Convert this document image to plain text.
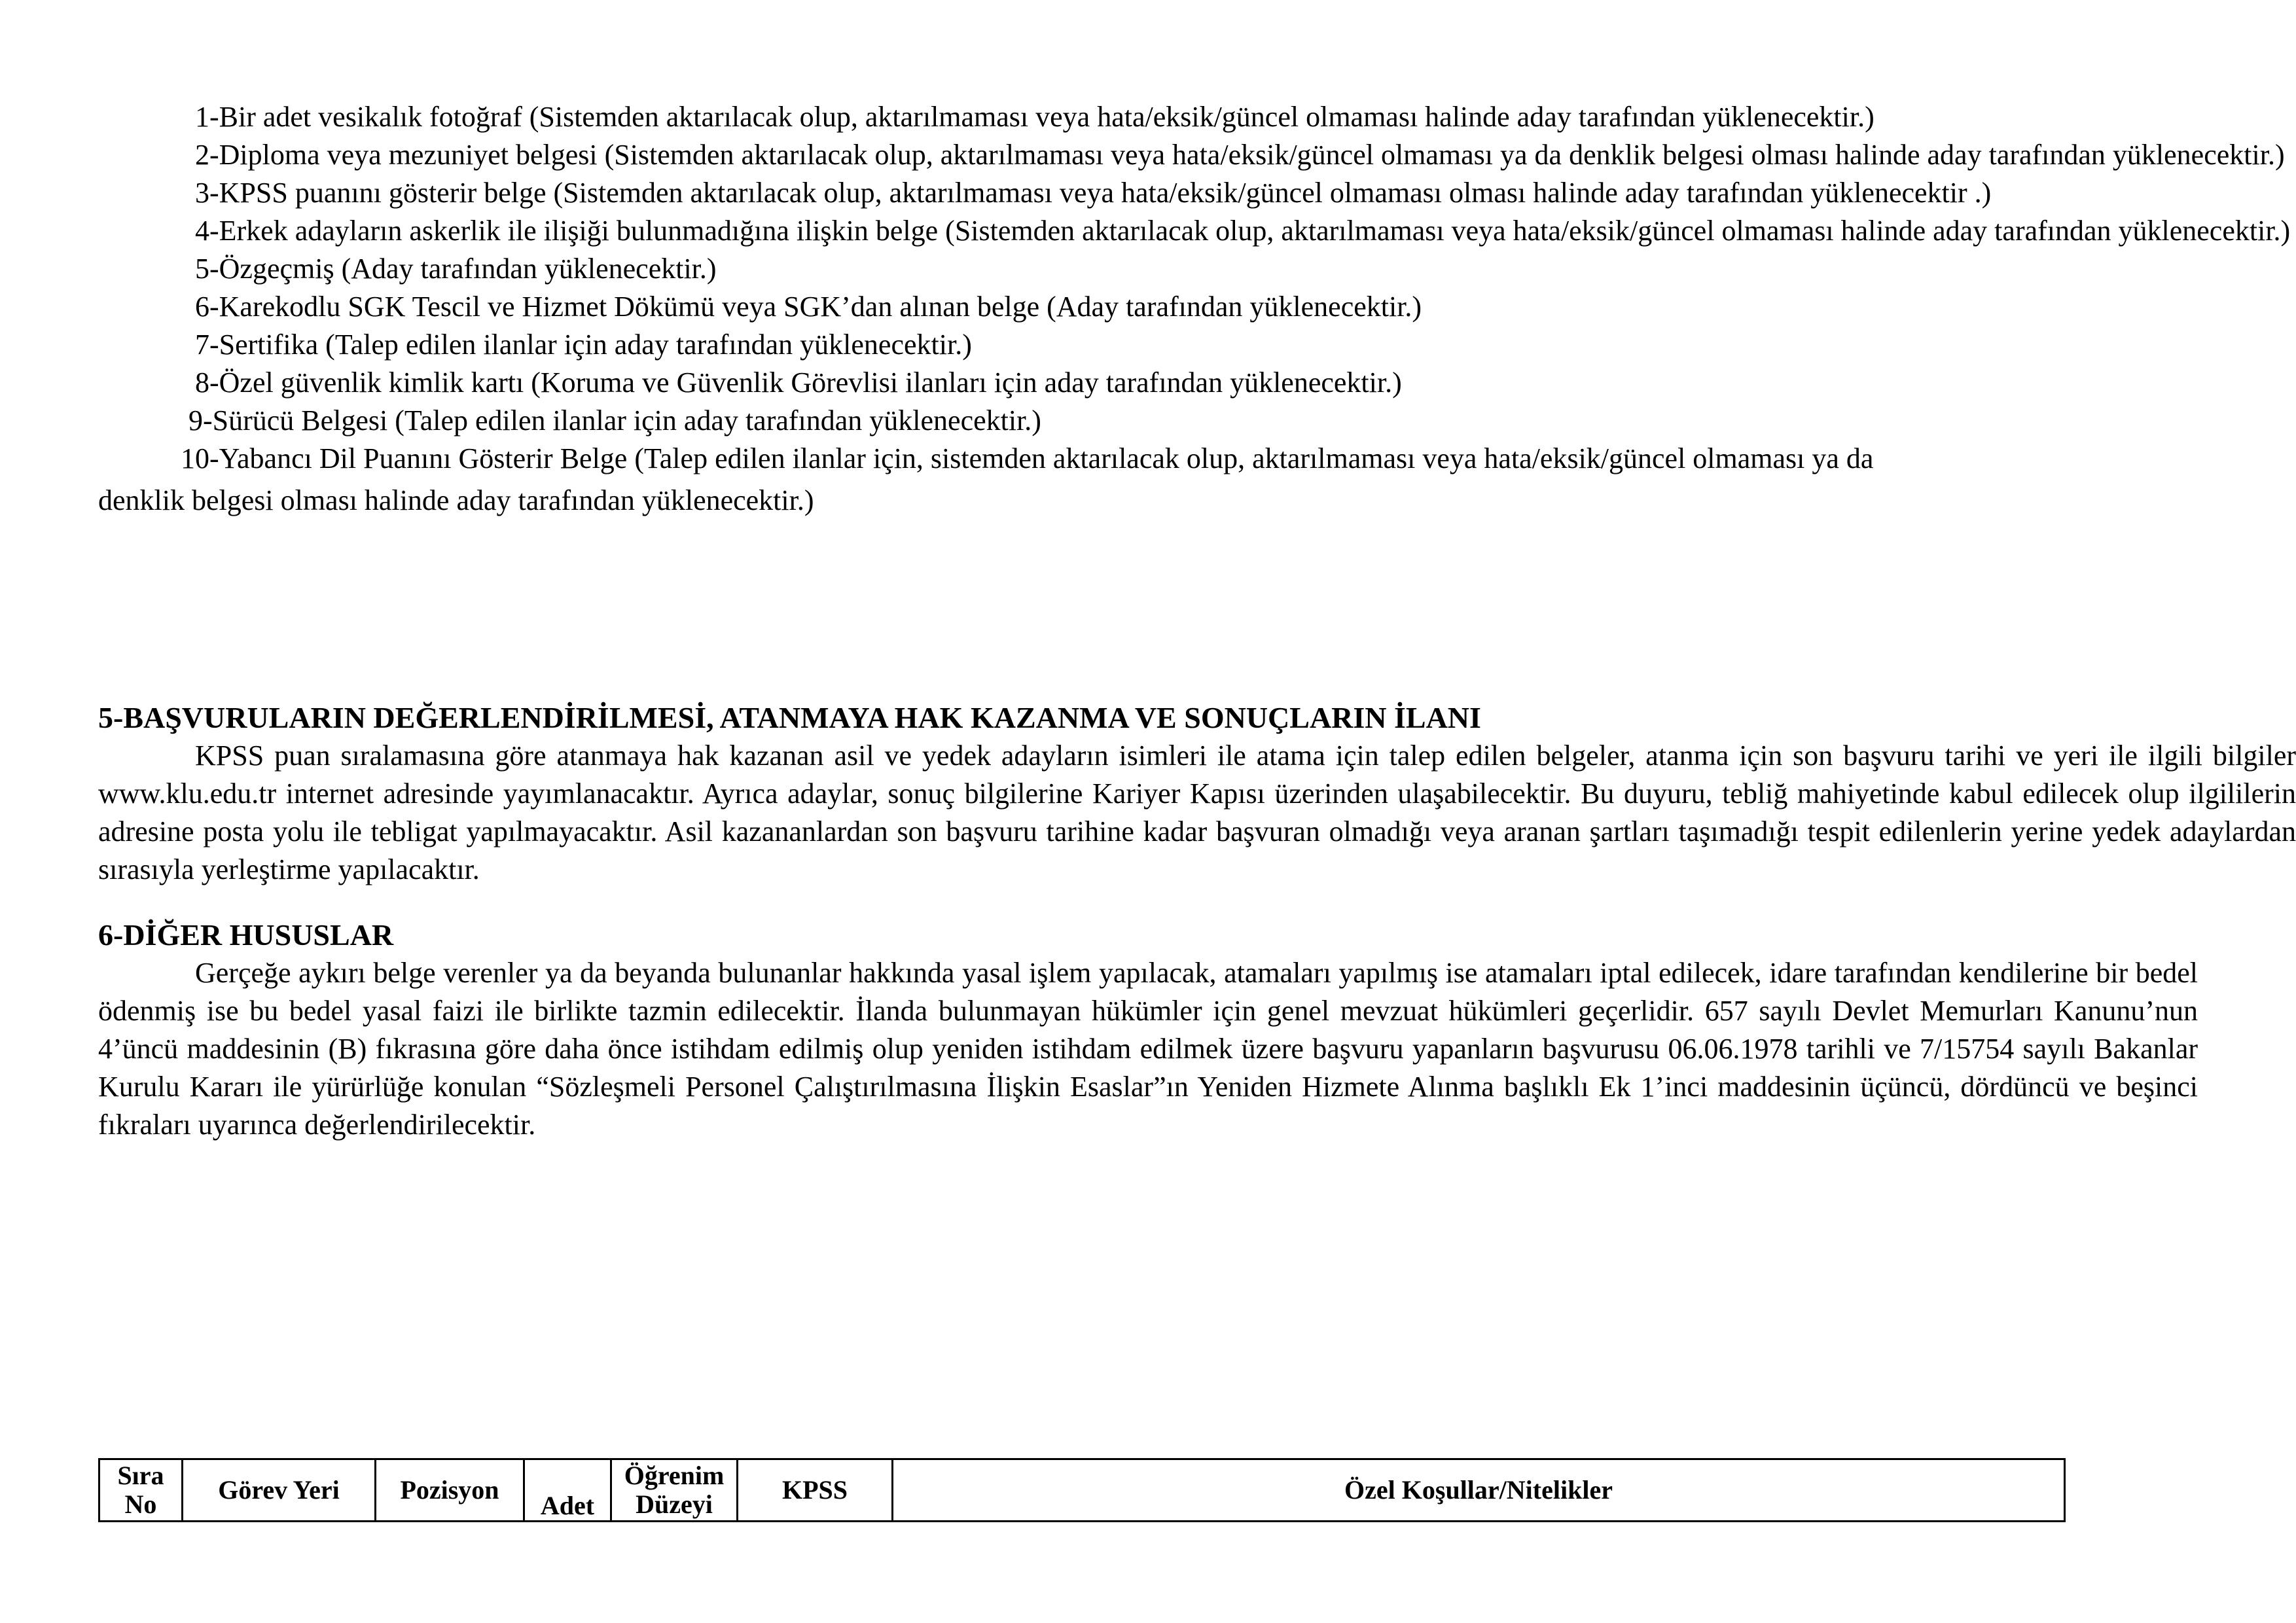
1-Bir adet vesikalık fotoğraf (Sistemden aktarılacak olup, aktarılmaması veya hata/eksik/güncel olmaması halinde aday tarafından yüklenecektir.)

2-Diploma veya mezuniyet belgesi (Sistemden aktarılacak olup, aktarılmaması veya hata/eksik/güncel olmaması ya da denklik belgesi olması halinde aday tarafından yüklenecektir.)

3-KPSS puanını gösterir belge (Sistemden aktarılacak olup, aktarılmaması veya hata/eksik/güncel olmaması olması halinde aday tarafından yüklenecektir .)

4-Erkek adayların askerlik ile ilişiği bulunmadığına ilişkin belge (Sistemden aktarılacak olup, aktarılmaması veya hata/eksik/güncel olmaması halinde aday tarafından yüklenecektir.)

5-Özgeçmiş (Aday tarafından yüklenecektir.)

6-Karekodlu SGK Tescil ve Hizmet Dökümü veya SGK’dan alınan belge (Aday tarafından yüklenecektir.)

7-Sertifika (Talep edilen ilanlar için aday tarafından yüklenecektir.)

8-Özel güvenlik kimlik kartı (Koruma ve Güvenlik Görevlisi ilanları için aday tarafından yüklenecektir.)

9-Sürücü Belgesi (Talep edilen ilanlar için aday tarafından yüklenecektir.)

10-Yabancı Dil Puanını Gösterir Belge (Talep edilen ilanlar için, sistemden aktarılacak olup, aktarılmaması veya hata/eksik/güncel olmaması ya da

denklik belgesi olması halinde aday tarafından yüklenecektir.)

5-BAŞVURULARIN DEĞERLENDİRİLMESİ, ATANMAYA HAK KAZANMA VE SONUÇLARIN İLANI

KPSS puan sıralamasına göre atanmaya hak kazanan asil ve yedek adayların isimleri ile atama için talep edilen belgeler, atanma için son başvuru tarihi ve yeri ile ilgili bilgiler www.klu.edu.tr internet adresinde yayımlanacaktır. Ayrıca adaylar, sonuç bilgilerine Kariyer Kapısı üzerinden ulaşabilecektir. Bu duyuru, tebliğ mahiyetinde kabul edilecek olup ilgililerin adresine posta yolu ile tebligat yapılmayacaktır. Asil kazananlardan son başvuru tarihine kadar başvuran olmadığı veya aranan şartları taşımadığı tespit edilenlerin yerine yedek adaylardan sırasıyla yerleştirme yapılacaktır.

6-DİĞER HUSUSLAR

Gerçeğe aykırı belge verenler ya da beyanda bulunanlar hakkında yasal işlem yapılacak, atamaları yapılmış ise atamaları iptal edilecek, idare tarafından kendilerine bir bedel ödenmiş ise bu bedel yasal faizi ile birlikte tazmin edilecektir. İlanda bulunmayan hükümler için genel mevzuat hükümleri geçerlidir. 657 sayılı Devlet Memurları Kanunu’nun 4’üncü maddesinin (B) fıkrasına göre daha önce istihdam edilmiş olup yeniden istihdam edilmek üzere başvuru yapanların başvurusu 06.06.1978 tarihli ve 7/15754 sayılı Bakanlar Kurulu Kararı ile yürürlüğe konulan “Sözleşmeli Personel Çalıştırılmasına İlişkin Esaslar”ın Yeniden Hizmete Alınma başlıklı Ek 1’inci maddesinin üçüncü, dördüncü ve beşinci fıkraları uyarınca değerlendirilecektir.

Sıra No	Görev Yeri	Pozisyon	Adet	Öğrenim Düzeyi	KPSS	Özel Koşullar/Nitelikler
